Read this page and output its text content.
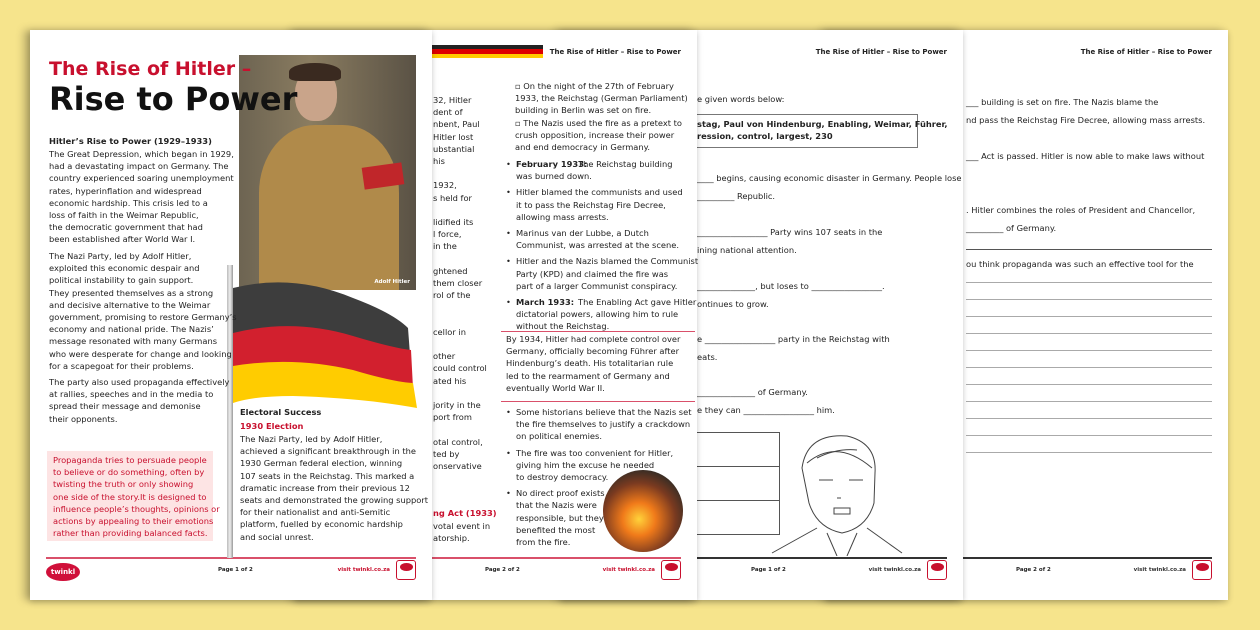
The Rise of Hitler – Rise to Power
___ building is set on fire. The Nazis blame the
nd pass the Reichstag Fire Decree, allowing mass arrests.
___ Act is passed. Hitler is now able to make laws without
. Hitler combines the roles of President and Chancellor,
_________ of Germany.
ou think propaganda was such an effective tool for the
Page 2 of 2	visit twinkl.co.za
The Rise of Hitler – Rise to Power
e given words below:
stag, Paul von Hindenburg, Enabling, Weimar, Führer,
ression, control, largest, 230
____ begins, causing economic disaster in Germany. People lose
_________ Republic.
_________________ Party wins 107 seats in the
ining national attention.
______________, but loses to _________________.
ontinues to grow.
e _________________ party in the Reichstag with
eats.
______________ of Germany.
e they can _________________ him.
Page 1 of 2	visit twinkl.co.za
The Rise of Hitler – Rise to Power
32, Hitler
dent of
nbent, Paul
Hitler lost
ubstantial
his
1932,
s held for
lidified its
l force,
in the
ghtened
them closer
rol of the
cellor in
other
could control
ated his
jority in the
port from
otal control,
ted by
onservative
ng Act (1933)
votal event in
atorship.
▫ On the night of the 27th of February
1933, the Reichstag (German Parliament)
building in Berlin was set on fire.
▫ The Nazis used the fire as a pretext to
crush opposition, increase their power
and end democracy in Germany.
• February 1933:
The Reichstag building
was burned down.
• Hitler blamed the communists and used
it to pass the Reichstag Fire Decree,
allowing mass arrests.
• Marinus van der Lubbe, a Dutch
Communist, was arrested at the scene.
• Hitler and the Nazis blamed the Communist
Party (KPD) and claimed the fire was
part of a larger Communist conspiracy.
• March 1933: The Enabling Act gave Hitler
dictatorial powers, allowing him to rule
without the Reichstag.
By 1934, Hitler had complete control over
Germany, officially becoming Führer after
Hindenburg’s death. His totalitarian rule
led to the rearmament of Germany and
eventually World War II.
• Some historians believe that the Nazis set
the fire themselves to justify a crackdown
on political enemies.
• The fire was too convenient for Hitler,
giving him the excuse he needed
to destroy democracy.
• No direct proof exists
that the Nazis were
responsible, but they
benefited the most
from the fire.
Page 2 of 2	visit twinkl.co.za
Adolf Hitler
The Rise of Hitler –
Rise to Power
Hitler’s Rise to Power (1929–1933)
The Great Depression, which began in 1929,
had a devastating impact on Germany. The
country experienced soaring unemployment
rates, hyperinflation and widespread
economic hardship. This crisis led to a
loss of faith in the Weimar Republic,
the democratic government that had
been established after World War I.
The Nazi Party, led by Adolf Hitler,
exploited this economic despair and
political instability to gain support.
They presented themselves as a strong
and decisive alternative to the Weimar
government, promising to restore Germany’s
economy and national pride. The Nazis’
message resonated with many Germans
who were desperate for change and looking
for a scapegoat for their problems.
The party also used propaganda effectively
at rallies, speeches and in the media to
spread their message and demonise
their opponents.
Propaganda tries to persuade people
to believe or do something, often by
twisting the truth or only showing
one side of the story.It is designed to
influence people’s thoughts, opinions or
actions by appealing to their emotions
rather than providing balanced facts.
Electoral Success
1930 Election
The Nazi Party, led by Adolf Hitler,
achieved a significant breakthrough in the
1930 German federal election, winning
107 seats in the Reichstag. This marked a
dramatic increase from their previous 12
seats and demonstrated the growing support
for their nationalist and anti-Semitic
platform, fuelled by economic hardship
and social unrest.
twinkl	Page 1 of 2	visit twinkl.co.za
